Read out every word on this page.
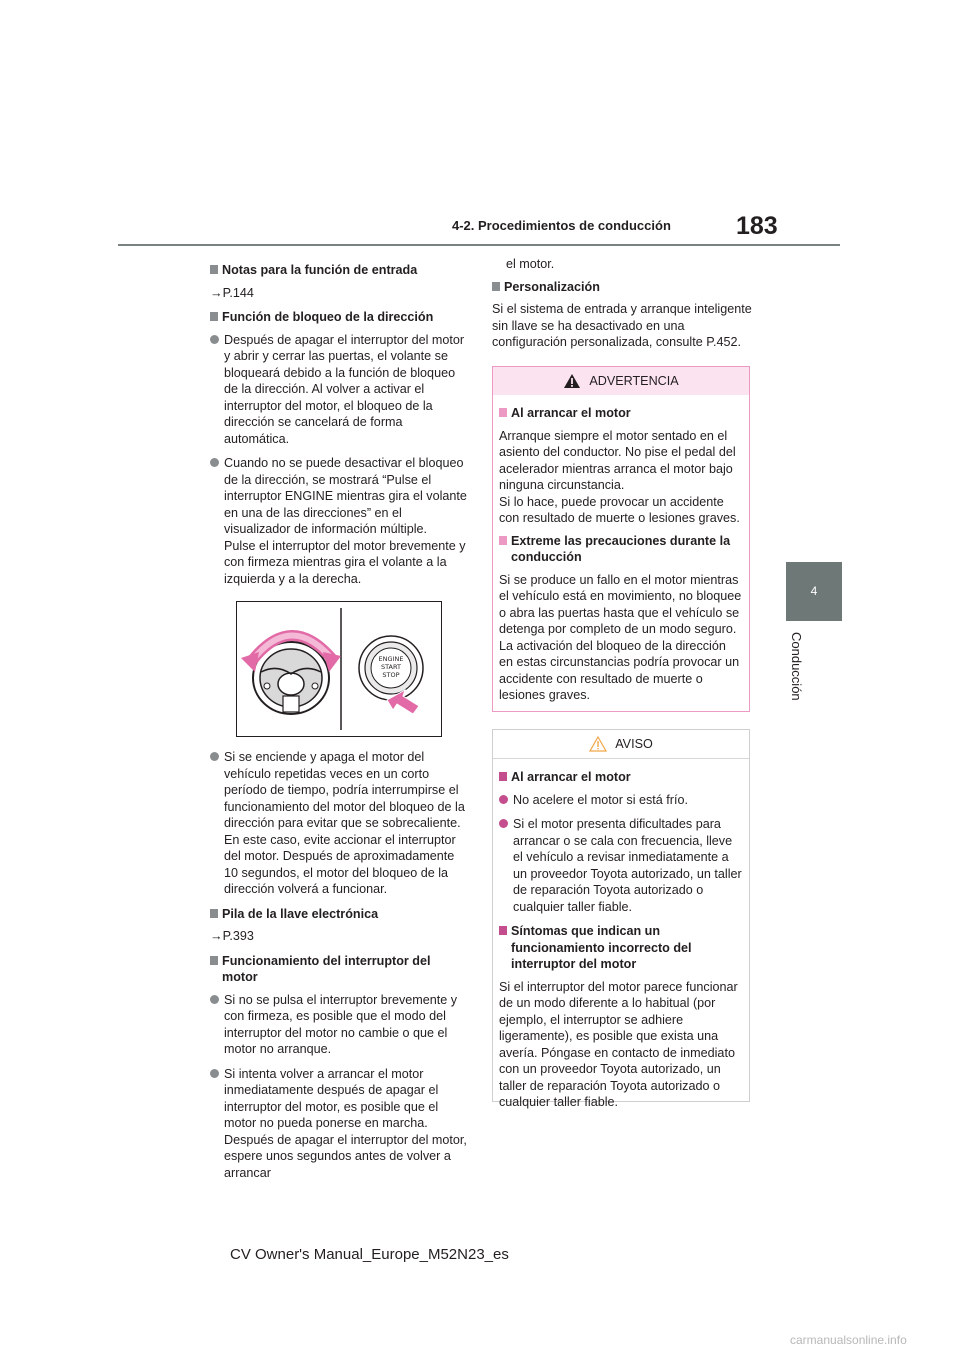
183
4-2. Procedimientos de conducción
4
Conducción
Notas para la función de entrada
→P.144
Función de bloqueo de la dirección
Después de apagar el interruptor del motor y abrir y cerrar las puertas, el volante se bloqueará debido a la función de bloqueo de la dirección. Al volver a activar el interruptor del motor, el bloqueo de la dirección se cancelará de forma automática.
Cuando no se puede desactivar el bloqueo de la dirección, se mostrará “Pulse el interruptor ENGINE mientras gira el volante en una de las direcciones” en el visualizador de información múltiple.
Pulse el interruptor del motor brevemente y con firmeza mientras gira el volante a la izquierda y a la derecha.
ENGINE
START
STOP
Si se enciende y apaga el motor del vehículo repetidas veces en un corto período de tiempo, podría interrumpirse el funcionamiento del motor del bloqueo de la dirección para evitar que se sobrecaliente. En este caso, evite accionar el interruptor del motor. Después de aproximadamente 10 segundos, el motor del bloqueo de la dirección volverá a funcionar.
Pila de la llave electrónica
→P.393
Funcionamiento del interruptor del motor
Si no se pulsa el interruptor brevemente y con firmeza, es posible que el modo del interruptor del motor no cambie o que el motor no arranque.
Si intenta volver a arrancar el motor inmediatamente después de apagar el interruptor del motor, es posible que el motor no pueda ponerse en marcha. Después de apagar el interruptor del motor, espere unos segundos antes de volver a arrancar
el motor.
Personalización
Si el sistema de entrada y arranque inteligente sin llave se ha desactivado en una configuración personalizada, consulte P.452.
ADVERTENCIA
Al arrancar el motor
Arranque siempre el motor sentado en el asiento del conductor. No pise el pedal del acelerador mientras arranca el motor bajo ninguna circunstancia.
Si lo hace, puede provocar un accidente con resultado de muerte o lesiones graves.
Extreme las precauciones durante la conducción
Si se produce un fallo en el motor mientras el vehículo está en movimiento, no bloquee o abra las puertas hasta que el vehículo se detenga por completo de un modo seguro. La activación del bloqueo de la dirección en estas circunstancias podría provocar un accidente con resultado de muerte o lesiones graves.
AVISO
Al arrancar el motor
No acelere el motor si está frío.
Si el motor presenta dificultades para arrancar o se cala con frecuencia, lleve el vehículo a revisar inmediatamente a un proveedor Toyota autorizado, un taller de reparación Toyota autorizado o cualquier taller fiable.
Síntomas que indican un funcionamiento incorrecto del interruptor del motor
Si el interruptor del motor parece funcionar de un modo diferente a lo habitual (por ejemplo, el interruptor se adhiere ligeramente), es posible que exista una avería. Póngase en contacto de inmediato con un proveedor Toyota autorizado, un taller de reparación Toyota autorizado o cualquier taller fiable.
CV Owner's Manual_Europe_M52N23_es
carmanualsonline.info
